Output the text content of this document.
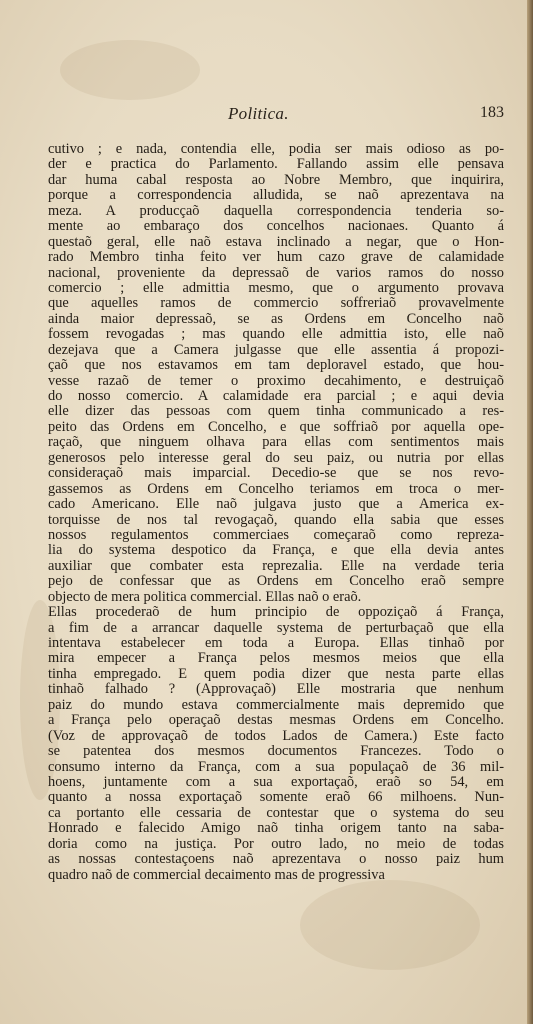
Politica.	183
cutivo ; e nada, contendia elle, podia ser mais odioso as po-
der e practica do Parlamento. Fallando assim elle pensava
dar huma cabal resposta ao Nobre Membro, que inquirira,
porque a correspondencia alludida, se naõ aprezentava na
meza. A producçaõ daquella correspondencia tenderia so-
mente ao embaraço dos concelhos nacionaes. Quanto á
questaõ geral, elle naõ estava inclinado a negar, que o Hon-
rado Membro tinha feito ver hum cazo grave de calamidade
nacional, proveniente da depressaõ de varios ramos do nosso
comercio ; elle admittia mesmo, que o argumento provava
que aquelles ramos de commercio soffreriaõ provavelmente
ainda maior depressaõ, se as Ordens em Concelho naõ
fossem revogadas ; mas quando elle admittia isto, elle naõ
dezejava que a Camera julgasse que elle assentia á propozi-
çaõ que nos estavamos em tam deploravel estado, que hou-
vesse razaõ de temer o proximo decahimento, e destruiçaõ
do nosso comercio. A calamidade era parcial ; e aqui devia
elle dizer das pessoas com quem tinha communicado a res-
peito das Ordens em Concelho, e que soffriaõ por aquella ope-
raçaõ, que ninguem olhava para ellas com sentimentos mais
generosos pelo interesse geral do seu paiz, ou nutria por ellas
consideraçaõ mais imparcial. Decedio-se que se nos revo-
gassemos as Ordens em Concelho teriamos em troca o mer-
cado Americano. Elle naõ julgava justo que a America ex-
torquisse de nos tal revogaçaõ, quando ella sabia que esses
nossos regulamentos commerciaes começaraõ como repreza-
lia do systema despotico da França, e que ella devia antes
auxiliar que combater esta reprezalia. Elle na verdade teria
pejo de confessar que as Ordens em Concelho eraõ sempre
objecto de mera politica commercial. Ellas naõ o eraõ.
Ellas procederaõ de hum principio de oppoziçaõ á França,
a fim de a arrancar daquelle systema de perturbaçaõ que ella
intentava estabelecer em toda a Europa. Ellas tinhaõ por
mira empecer a França pelos mesmos meios que ella
tinha empregado. E quem podia dizer que nesta parte ellas
tinhaõ falhado ? (Approvaçaõ) Elle mostraria que nenhum
paiz do mundo estava commercialmente mais depremido que
a França pelo operaçaõ destas mesmas Ordens em Concelho.
(Voz de approvaçaõ de todos Lados de Camera.) Este facto
se patentea dos mesmos documentos Francezes. Todo o
consumo interno da França, com a sua populaçaõ de 36 mil-
hoens, juntamente com a sua exportaçaõ, eraõ so 54, em
quanto a nossa exportaçaõ somente eraõ 66 milhoens. Nun-
ca portanto elle cessaria de contestar que o systema do seu
Honrado e falecido Amigo naõ tinha origem tanto na saba-
doria como na justiça. Por outro lado, no meio de todas
as nossas contestaçoens naõ aprezentava o nosso paiz hum
quadro naõ de commercial decaimento mas de progressiva
